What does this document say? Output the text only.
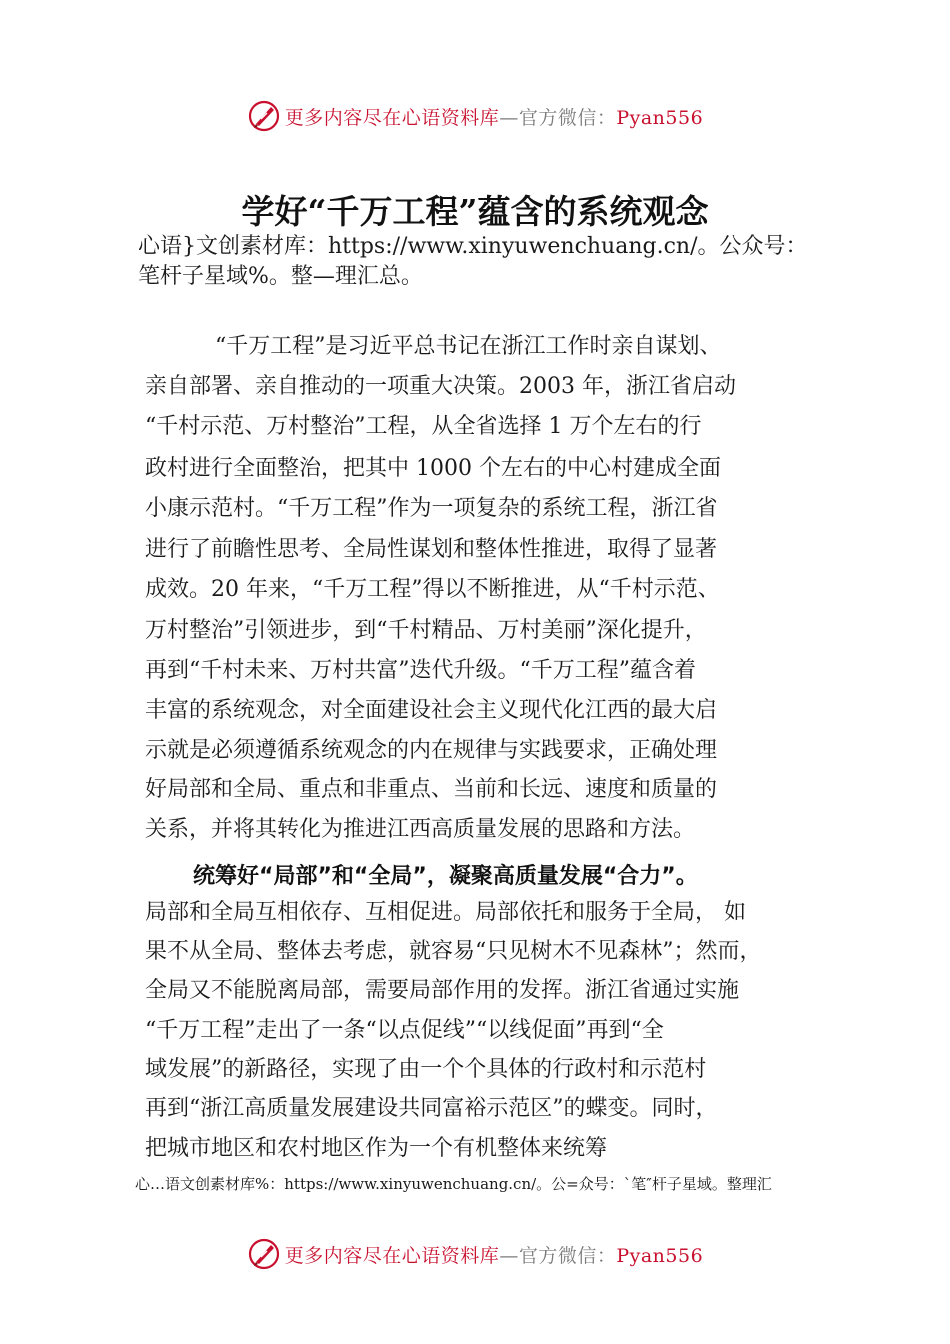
更多内容尽在心语资料库—官方微信：Pyan556
学好“千万工程”蕴含的系统观念

心语}文创素材库：https://www.xinyuwenchuang.cn/。公众号：
笔杆子星域%。整—理汇总。

　“千万工程”是习近平总书记在浙江工作时亲自谋划、

亲自部署、亲自推动的一项重大决策。2003 年，浙江省启动

“千村示范、万村整治”工程，从全省选择 1 万个左右的行

政村进行全面整治，把其中 1000 个左右的中心村建成全面

小康示范村。“千万工程”作为一项复杂的系统工程，浙江省

进行了前瞻性思考、全局性谋划和整体性推进，取得了显著

成效。20 年来，“千万工程”得以不断推进，从“千村示范、

万村整治”引领进步，到“千村精品、万村美丽”深化提升，

再到“千村未来、万村共富”迭代升级。“千万工程”蕴含着

丰富的系统观念，对全面建设社会主义现代化江西的最大启

示就是必须遵循系统观念的内在规律与实践要求，正确处理

好局部和全局、重点和非重点、当前和长远、速度和质量的

关系，并将其转化为推进江西高质量发展的思路和方法。

统筹好“局部”和“全局”，凝聚高质量发展“合力”。

局部和全局互相依存、互相促进。局部依托和服务于全局， 如

果不从全局、整体去考虑，就容易“只见树木不见森林”；然而，

全局又不能脱离局部，需要局部作用的发挥。浙江省通过实施

“千万工程”走出了一条“以点促线”“以线促面”再到“全

域发展”的新路径，实现了由一个个具体的行政村和示范村

再到“浙江高质量发展建设共同富裕示范区”的蝶变。同时，

把城市地区和农村地区作为一个有机整体来统筹

心…语文创素材库%：https://www.xinyuwenchuang.cn/。公=众号：`笔″杆子星域。整理汇

更多内容尽在心语资料库—官方微信：Pyan556
